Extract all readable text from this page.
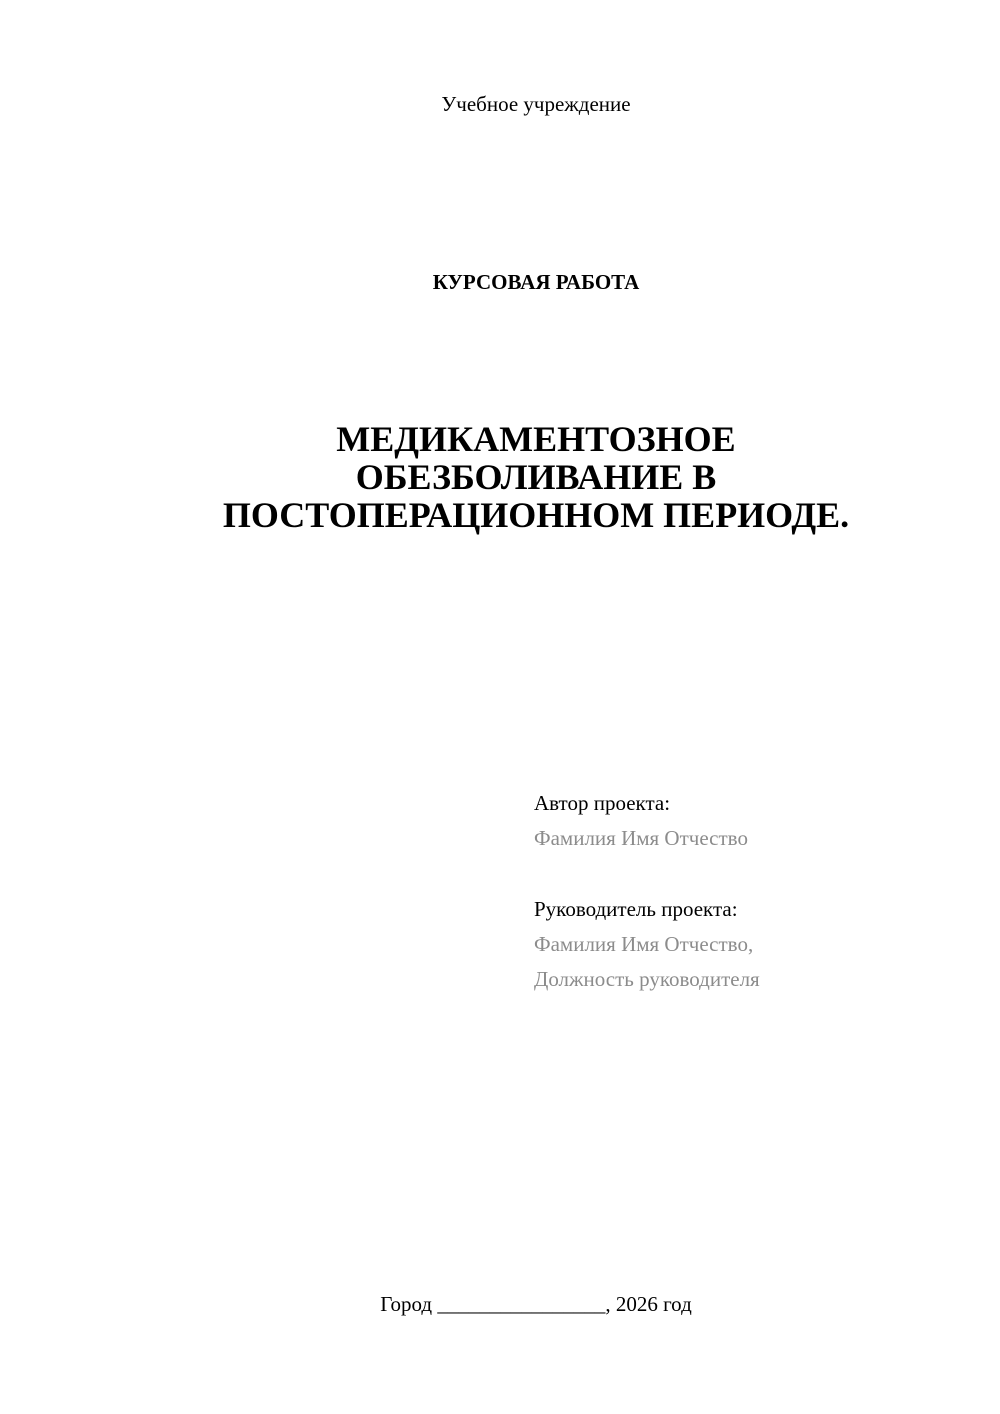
Учебное учреждение
КУРСОВАЯ РАБОТА
МЕДИКАМЕНТОЗНОЕ
ОБЕЗБОЛИВАНИЕ В
ПОСТОПЕРАЦИОННОМ ПЕРИОДЕ.
Автор проекта:
Фамилия Имя Отчество
Руководитель проекта:
Фамилия Имя Отчество,
Должность руководителя
Город ________________, 2026 год
